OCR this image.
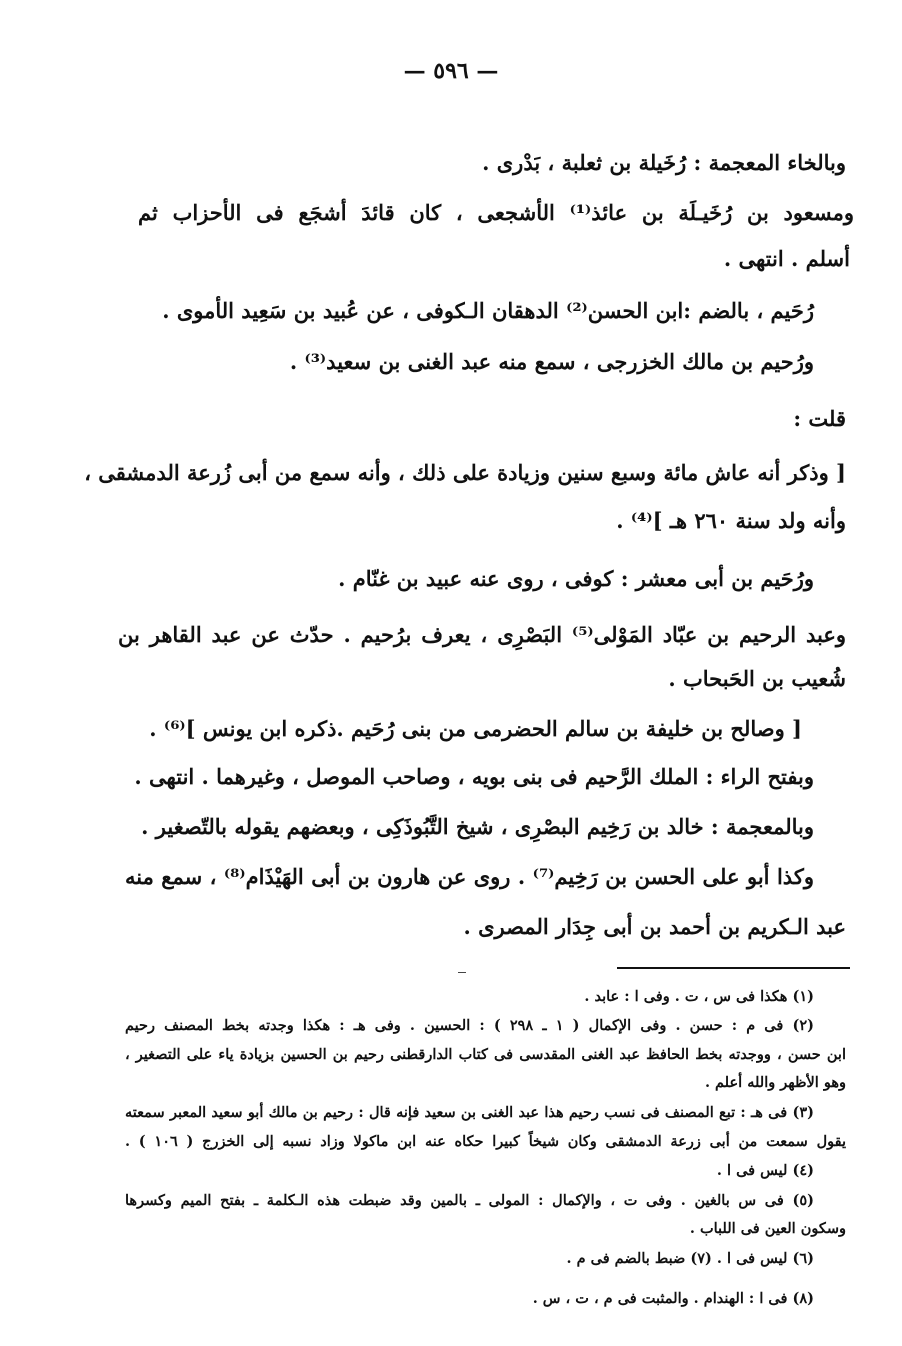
— ٥٩٦ —
وبالخاء المعجمة : رُخَيلة بن ثعلبة ، بَدْرى .
ومسعود بن رُخَيـلَة بن عائذ⁽¹⁾ الأشجعى ، كان قائدَ أشجَع فى الأحزاب ثم
أسلم . انتهى .
رُحَيم ، بالضم :ابن الحسن⁽²⁾ الدهقان الـكوفى ، عن عُبيد بن سَعِيد الأموى .
ورُحيم بن مالك الخزرجى ، سمع منه عبد الغنى بن سعيد⁽³⁾ .
قلت :
[ وذكر أنه عاش مائة وسبع سنين وزيادة على ذلك ، وأنه سمع من أبى زُرعة الدمشقى ،
وأنه ولد سنة ٢٦٠ هـ ]⁽⁴⁾ .
ورُحَيم بن أبى معشر : كوفى ، روى عنه عبيد بن غنّام .
وعبد الرحيم بن عبّاد المَوْلى⁽⁵⁾ البَصْرِى ، يعرف برُحيم . حدّث عن عبد القاهر بن
شُعيب بن الحَبحاب .
[ وصالح بن خليفة بن سالم الحضرمى من بنى رُحَيم .ذكره ابن يونس ]⁽⁶⁾ .
وبفتح الراء : الملك الرَّحيم فى بنى بويه ، وصاحب الموصل ، وغيرهما . انتهى .
وبالمعجمة : خالد بن رَخِيم البصْرِى ، شيخ التَّبُوذَكِى ، وبعضهم يقوله بالتّصغير .
وكذا أبو على الحسن بن رَخِيم⁽⁷⁾ . روى عن هارون بن أبى الهَيْذَام⁽⁸⁾ ، سمع منه
عبد الـكريم بن أحمد بن أبى جِدَار المصرى .
(١) هكذا فى س ، ت . وفى ا : عابد .
(٢) فى م : حسن . وفى الإكمال ( ١ ـ ٢٩٨ ) : الحسين . وفى هـ : هكذا وجدته بخط المصنف رحيم
ابن حسن ، ووجدته بخط الحافظ عبد الغنى المقدسى فى كتاب الدارقطنى رحيم بن الحسين بزيادة ياء على التصغير ،
وهو الأظهر والله أعلم .
(٣) فى هـ : تبع المصنف فى نسب رحيم هذا عبد الغنى بن سعيد فإنه قال : رحيم بن مالك أبو سعيد المعبر سمعته
يقول سمعت من أبى زرعة الدمشقى وكان شيخاً كبيرا حكاه عنه ابن ماكولا وزاد نسبه إلى الخزرج ( ١٠٦ ) .
(٤) ليس فى ا .
(٥) فى س بالغين . وفى ت ، والإكمال : المولى ـ بالمين وقد ضبطت هذه الـكلمة ـ بفتح الميم وكسرها
وسكون العين فى اللباب .
(٦) ليس فى ا . (٧) ضبط بالضم فى م .
(٨) فى ا : الهندام . والمثبت فى م ، ت ، س .
